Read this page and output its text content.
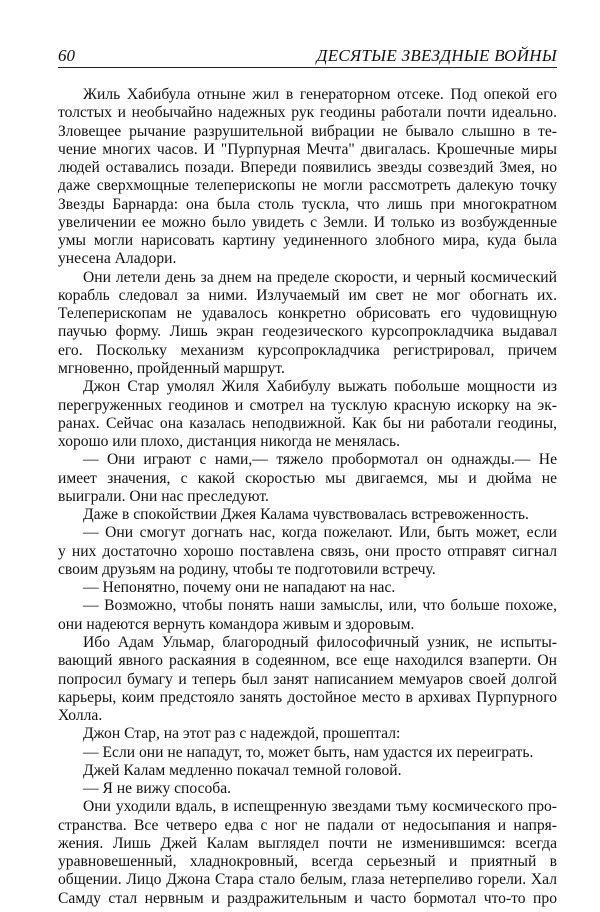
60	ДЕСЯТЫЕ ЗВЕЗДНЫЕ ВОЙНЫ
Жиль Хабибула отныне жил в генераторном отсеке. Под опекой его
толстых и необычайно надежных рук геодины работали почти идеально.
Зловещее рычание разрушительной вибрации не бывало слышно в те-
чение многих часов. И "Пурпурная Мечта" двигалась. Крошечные миры
людей оставались позади. Впереди появились звезды созвездий Змея, но
даже сверхмощные телеперископы не могли рассмотреть далекую точку
Звезды Барнарда: она была столь тускла, что лишь при многократном
увеличении ее можно было увидеть с Земли. И только из возбужденные
умы могли нарисовать картину уединенного злобного мира, куда была
унесена Аладори.
Они летели день за днем на пределе скорости, и черный космический
корабль следовал за ними. Излучаемый им свет не мог обогнать их.
Телеперископам не удавалось конкретно обрисовать его чудовищную
паучью форму. Лишь экран геодезического курсопрокладчика выдавал
его. Поскольку механизм курсопрокладчика регистрировал, причем
мгновенно, пройденный маршрут.
Джон Стар умолял Жиля Хабибулу выжать побольше мощности из
перегруженных геодинов и смотрел на тусклую красную искорку на эк-
ранах. Сейчас она казалась неподвижной. Как бы ни работали геодины,
хорошо или плохо, дистанция никогда не менялась.
— Они играют с нами,— тяжело пробормотал он однажды.— Не
имеет значения, с какой скоростью мы двигаемся, мы и дюйма не
выиграли. Они нас преследуют.
Даже в спокойствии Джея Калама чувствовалась встревоженность.
— Они смогут догнать нас, когда пожелают. Или, быть может, если
у них достаточно хорошо поставлена связь, они просто отправят сигнал
своим друзьям на родину, чтобы те подготовили встречу.
— Непонятно, почему они не нападают на нас.
— Возможно, чтобы понять наши замыслы, или, что больше похоже,
они надеются вернуть командора живым и здоровым.
Ибо Адам Ульмар, благородный философичный узник, не испыты-
вающий явного раскаяния в содеянном, все еще находился взаперти. Он
попросил бумагу и теперь был занят написанием мемуаров своей долгой
карьеры, коим предстояло занять достойное место в архивах Пурпурного
Холла.
Джон Стар, на этот раз с надеждой, прошептал:
— Если они не нападут, то, может быть, нам удастся их переиграть.
Джей Калам медленно покачал темной головой.
— Я не вижу способа.
Они уходили вдаль, в испещренную звездами тьму космического про-
странства. Все четверо едва с ног не падали от недосыпания и напря-
жения. Лишь Джей Калам выглядел почти не изменившимся: всегда
уравновешенный, хладнокровный, всегда серьезный и приятный в
общении. Лицо Джона Стара стало белым, глаза нетерпеливо горели. Хал
Самду стал нервным и раздражительным и часто бормотал что-то про
